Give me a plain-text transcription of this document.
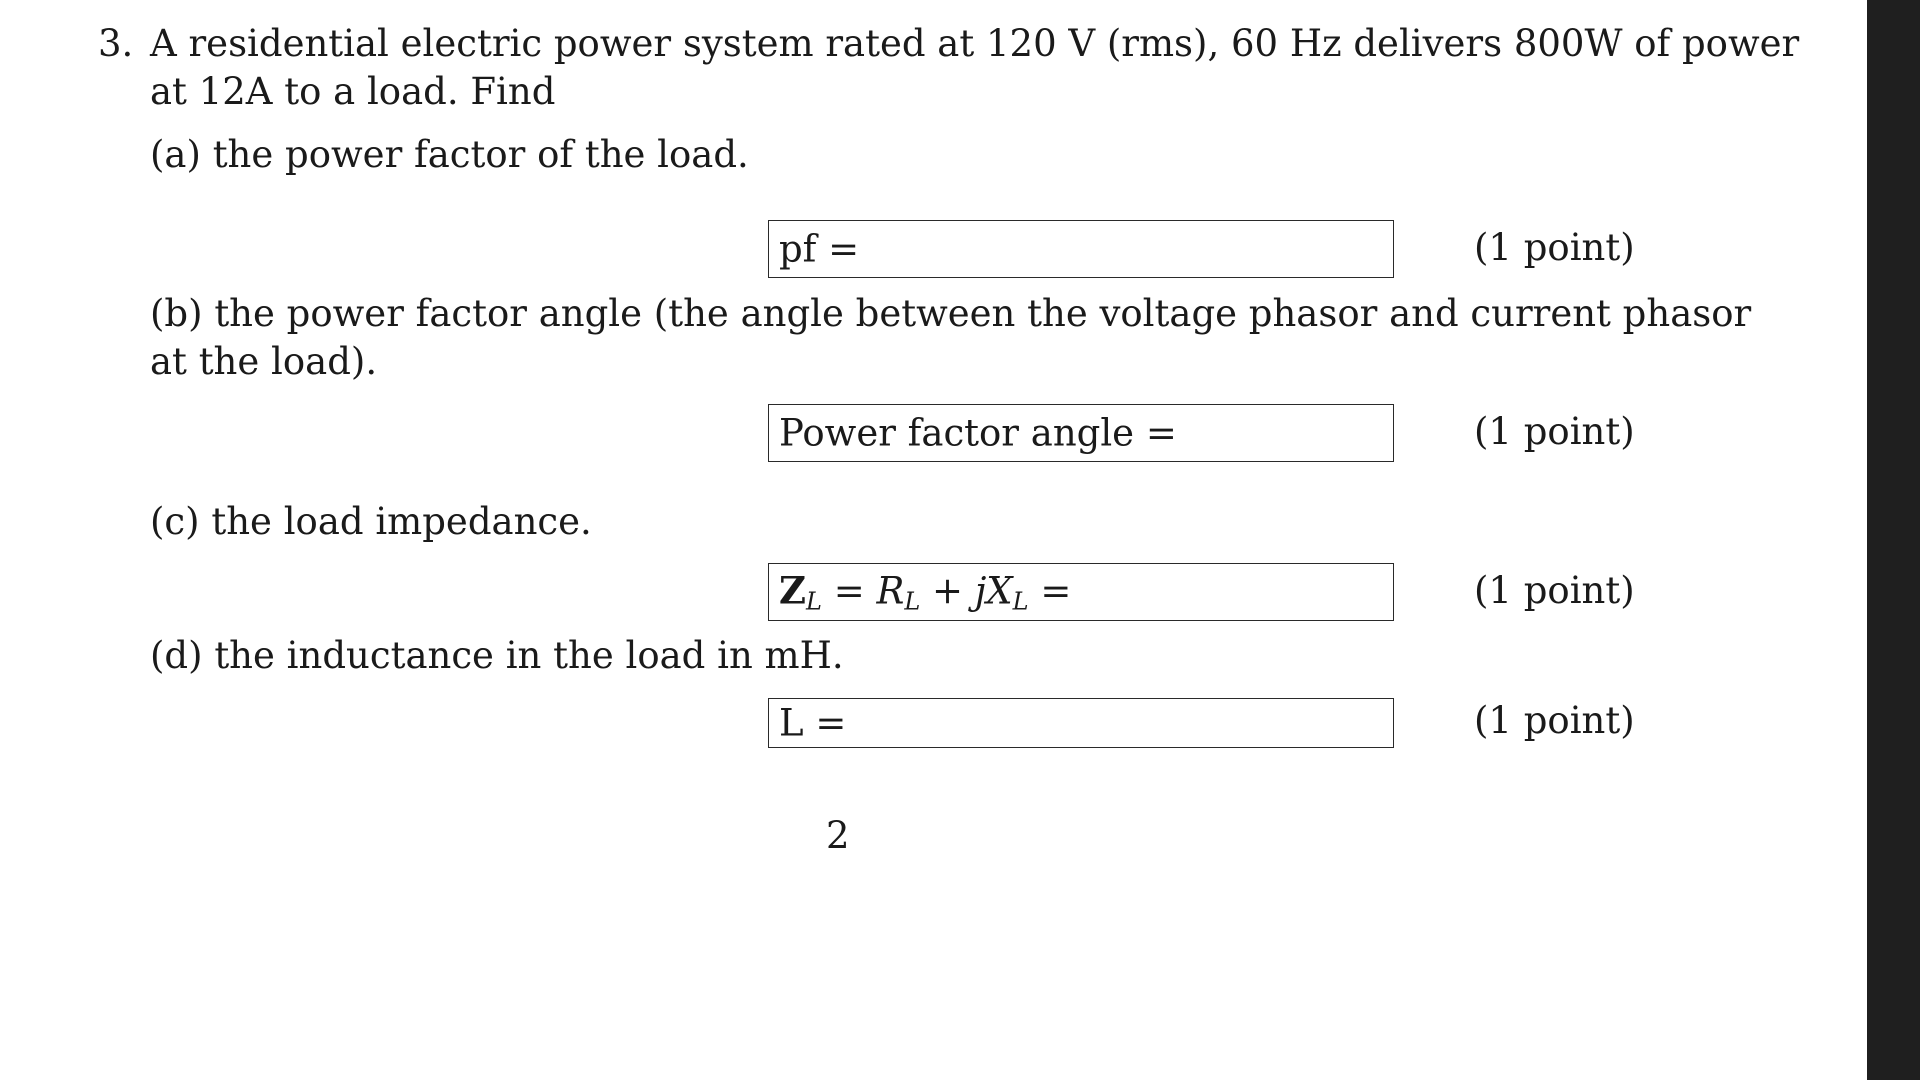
3. A residential electric power system rated at 120 V (rms), 60 Hz delivers 800W of power
at 12A to a load. Find
(a) the power factor of the load.
pf =	(1 point)
(b) the power factor angle (the angle between the voltage phasor and current phasor
at the load).
Power factor angle =	(1 point)
(c) the load impedance.
$Z_L = R_L + jX_L$ =	(1 point)
(d) the inductance in the load in mH.
L =	(1 point)
2
